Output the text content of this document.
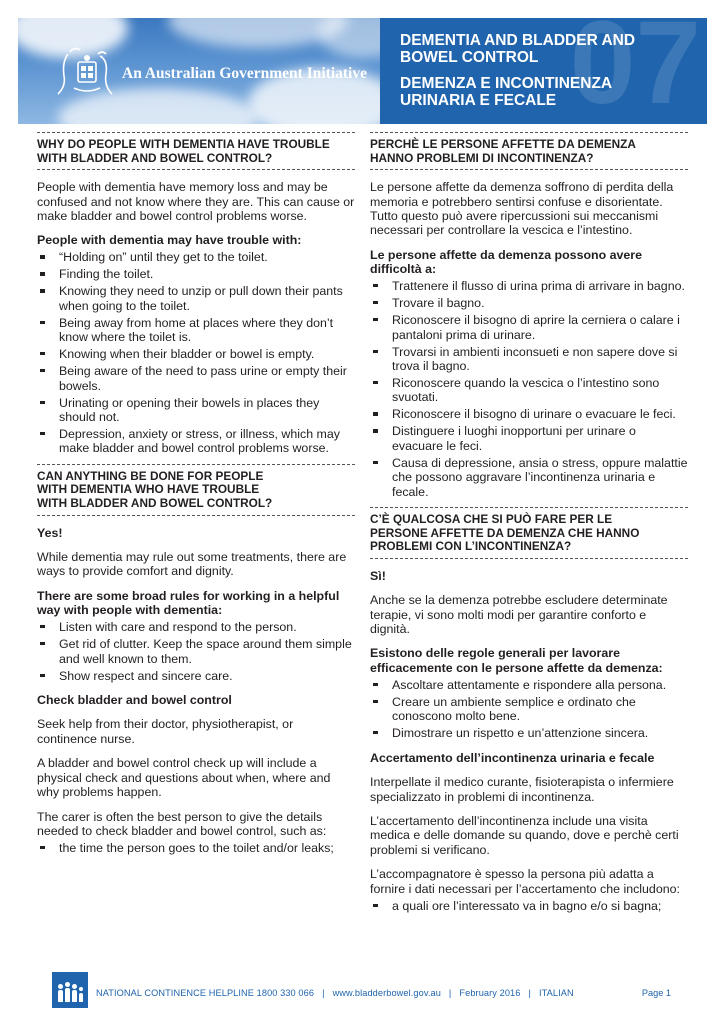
An Australian Government Initiative 07
DEMENTIA AND BLADDER AND
BOWEL CONTROL
DEMENZA E INCONTINENZA
URINARIA E FECALE
WHY DO PEOPLE WITH DEMENTIA HAVE TROUBLE
WITH BLADDER AND BOWEL CONTROL?
People with dementia have memory loss and may be confused and not know where they are. This can cause or make bladder and bowel control problems worse.
People with dementia may have trouble with:
“Holding on” until they get to the toilet.
Finding the toilet.
Knowing they need to unzip or pull down their pants when going to the toilet.
Being away from home at places where they don’t know where the toilet is.
Knowing when their bladder or bowel is empty.
Being aware of the need to pass urine or empty their bowels.
Urinating or opening their bowels in places they should not.
Depression, anxiety or stress, or illness, which may make bladder and bowel control problems worse.
CAN ANYTHING BE DONE FOR PEOPLE
WITH DEMENTIA WHO HAVE TROUBLE
WITH BLADDER AND BOWEL CONTROL?
Yes!
While dementia may rule out some treatments, there are ways to provide comfort and dignity.
There are some broad rules for working in a helpful way with people with dementia:
Listen with care and respond to the person.
Get rid of clutter. Keep the space around them simple and well known to them.
Show respect and sincere care.
Check bladder and bowel control
Seek help from their doctor, physiotherapist, or continence nurse.
A bladder and bowel control check up will include a physical check and questions about when, where and why problems happen.
The carer is often the best person to give the details needed to check bladder and bowel control, such as:
the time the person goes to the toilet and/or leaks;
PERCHÈ LE PERSONE AFFETTE DA DEMENZA
HANNO PROBLEMI DI INCONTINENZA?
Le persone affette da demenza soffrono di perdita della memoria e potrebbero sentirsi confuse e disorientate. Tutto questo può avere ripercussioni sui meccanismi necessari per controllare la vescica e l’intestino.
Le persone affette da demenza possono avere difficoltà a:
Trattenere il flusso di urina prima di arrivare in bagno.
Trovare il bagno.
Riconoscere il bisogno di aprire la cerniera o calare i pantaloni prima di urinare.
Trovarsi in ambienti inconsueti e non sapere dove si trova il bagno.
Riconoscere quando la vescica o l’intestino sono svuotati.
Riconoscere il bisogno di urinare o evacuare le feci.
Distinguere i luoghi inopportuni per urinare o evacuare le feci.
Causa di depressione, ansia o stress, oppure malattie che possono aggravare l’incontinenza urinaria e fecale.
C’È QUALCOSA CHE SI PUÒ FARE PER LE
PERSONE AFFETTE DA DEMENZA CHE HANNO
PROBLEMI CON L’INCONTINENZA?
Sì!
Anche se la demenza potrebbe escludere determinate terapie, vi sono molti modi per garantire conforto e dignità.
Esistono delle regole generali per lavorare efficacemente con le persone affette da demenza:
Ascoltare attentamente e rispondere alla persona.
Creare un ambiente semplice e ordinato che conoscono molto bene.
Dimostrare un rispetto e un’attenzione sincera.
Accertamento dell’incontinenza urinaria e fecale
Interpellate il medico curante, fisioterapista o infermiere specializzato in problemi di incontinenza.
L’accertamento dell’incontinenza include una visita medica e delle domande su quando, dove e perchè certi problemi si verificano.
L’accompagnatore è spesso la persona più adatta a fornire i dati necessari per l’accertamento che includono:
a quali ore l’interessato va in bagno e/o si bagna;
NATIONAL CONTINENCE HELPLINE 1800 330 066 | www.bladderbowel.gov.au | February 2016 | ITALIAN	Page 1
